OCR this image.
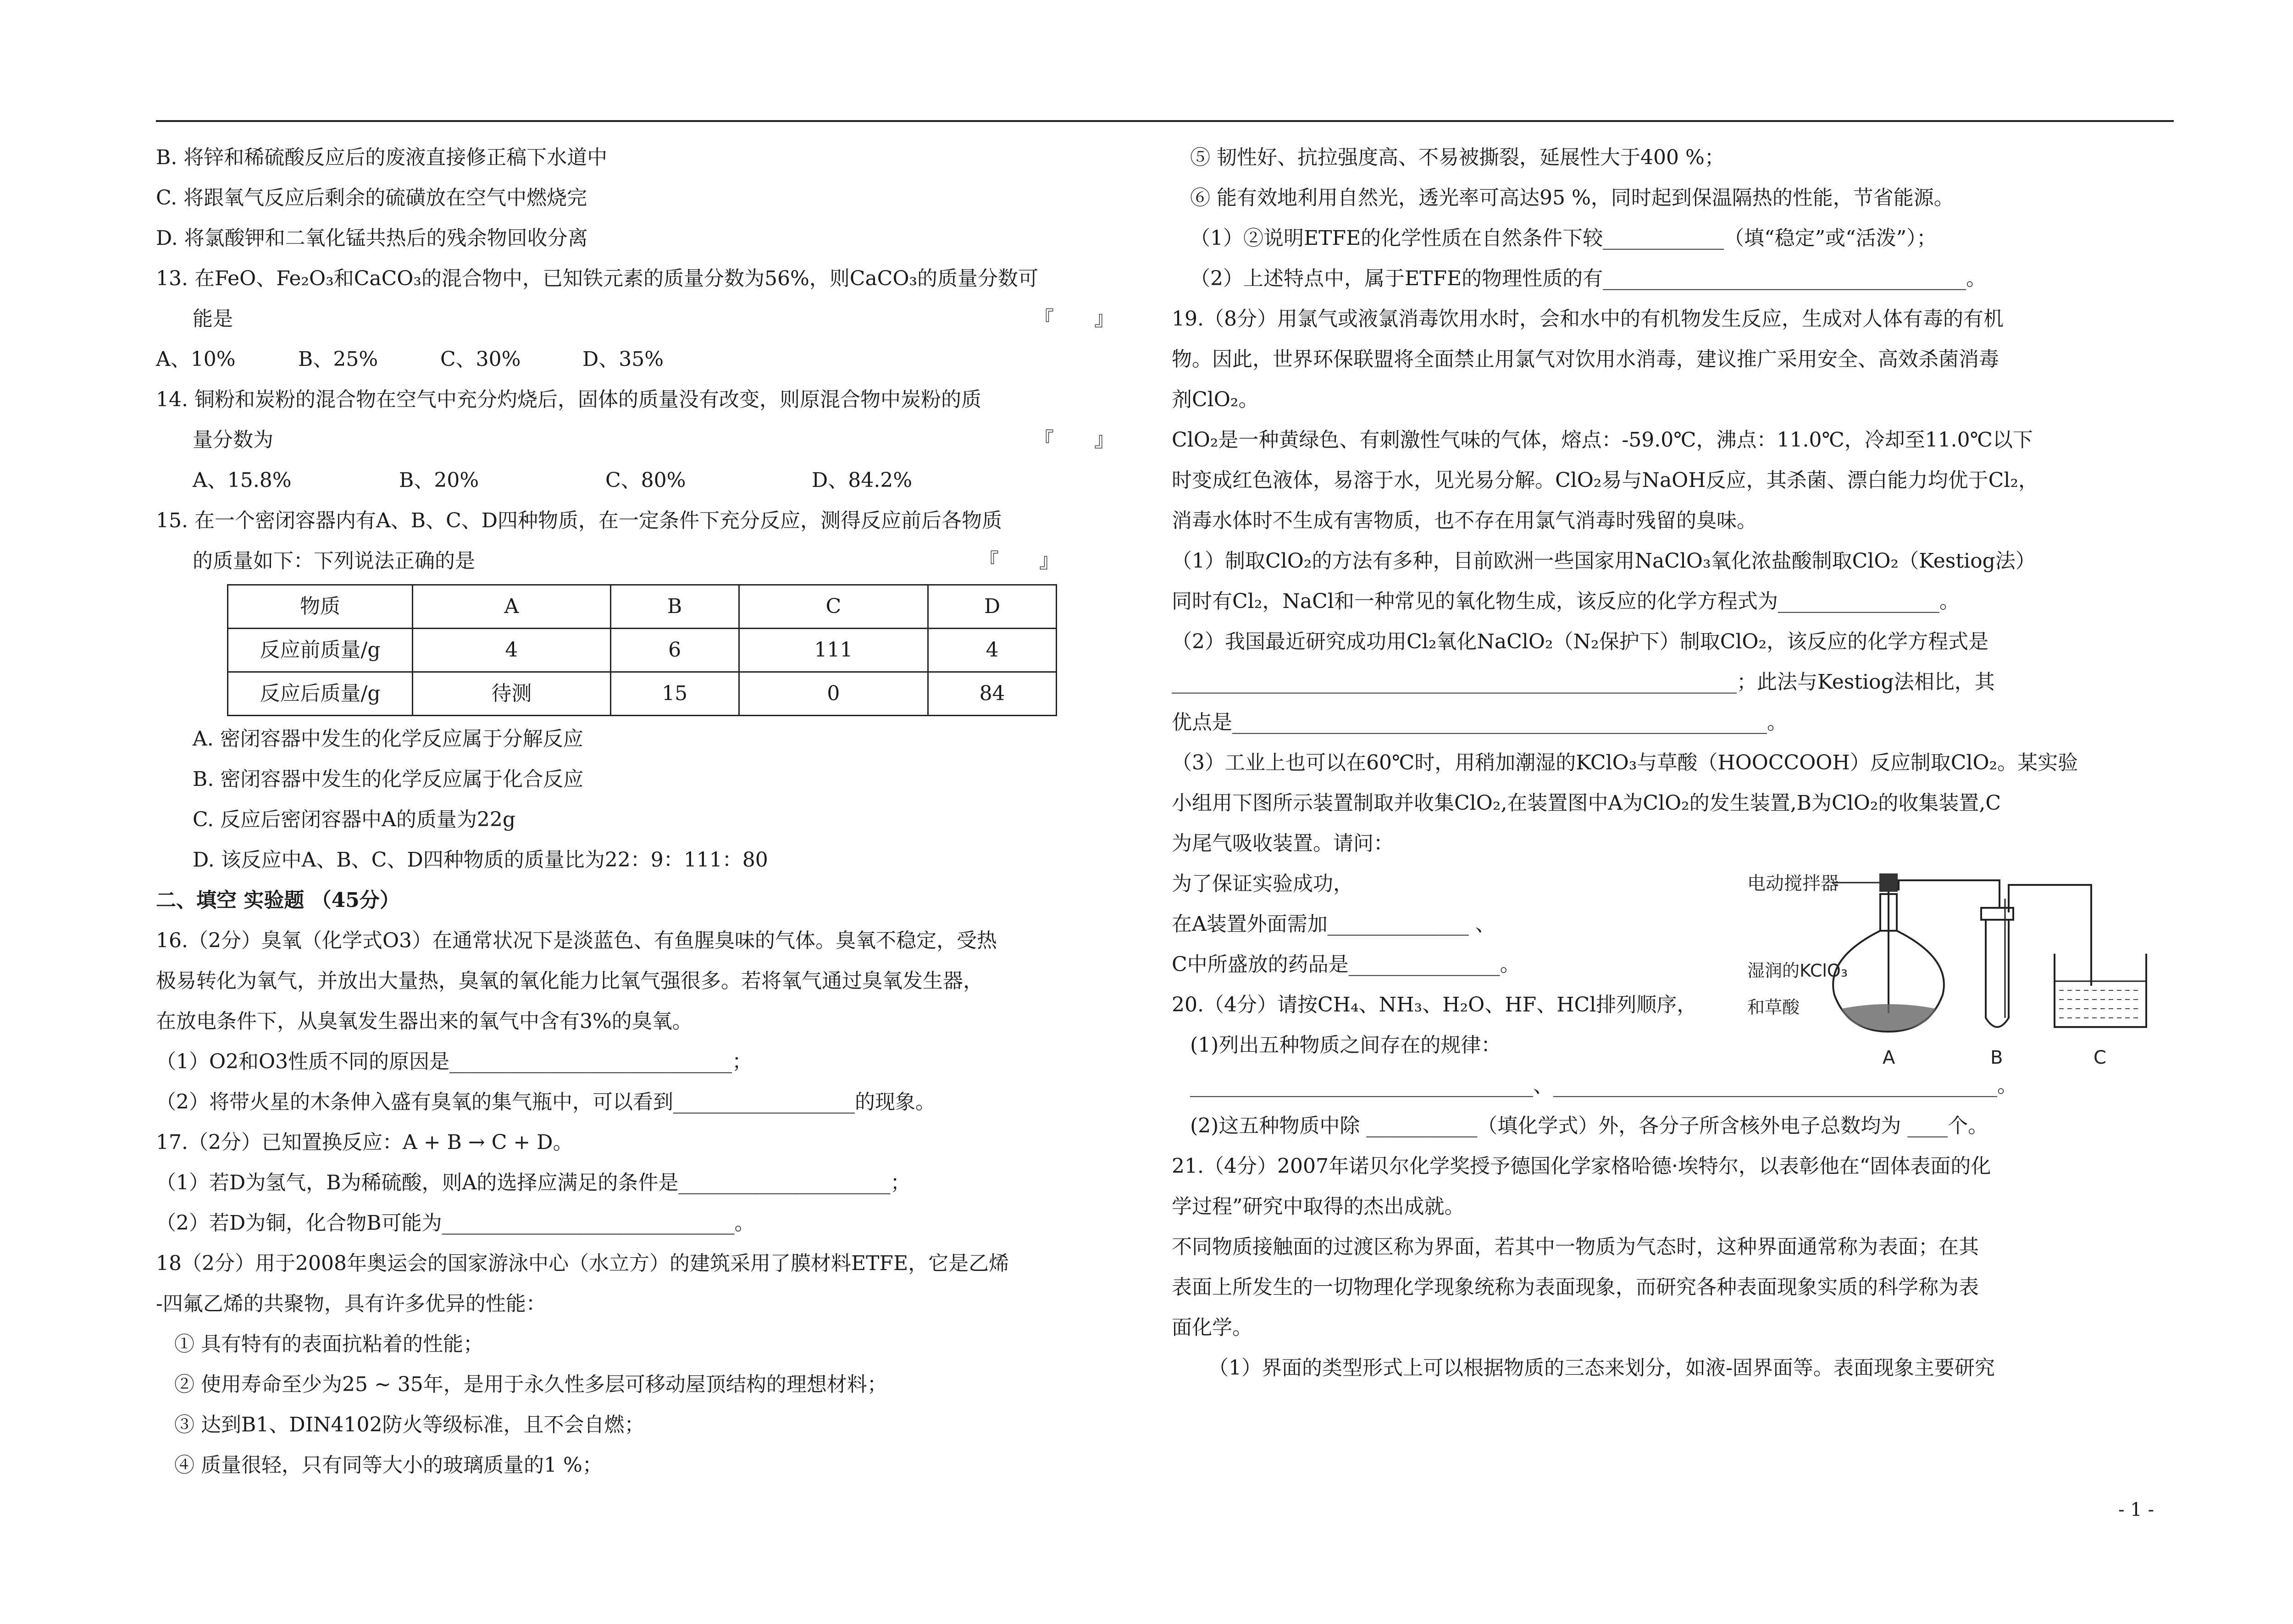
B. 将锌和稀硫酸反应后的废液直接修正稿下水道中
C. 将跟氧气反应后剩余的硫磺放在空气中燃烧完
D. 将氯酸钾和二氧化锰共热后的残余物回收分离
13. 在FeO、Fe₂O₃和CaCO₃的混合物中，已知铁元素的质量分数为56%，则CaCO₃的质量分数可
能是	『　　』
A、10%	B、25%	C、30%	D、35%
14. 铜粉和炭粉的混合物在空气中充分灼烧后，固体的质量没有改变，则原混合物中炭粉的质
量分数为	『　　』
A、15.8%	B、20%	C、80%	D、84.2%
15. 在一个密闭容器内有A、B、C、D四种物质，在一定条件下充分反应，测得反应前后各物质
的质量如下：下列说法正确的是	『　　』
物质	A	B	C	D
反应前质量/g	4	6	111	4
反应后质量/g	待测	15	0	84
A. 密闭容器中发生的化学反应属于分解反应
B. 密闭容器中发生的化学反应属于化合反应
C. 反应后密闭容器中A的质量为22g
D. 该反应中A、B、C、D四种物质的质量比为22：9：111：80
二、填空 实验题 （45分）
16.（2分）臭氧（化学式O3）在通常状况下是淡蓝色、有鱼腥臭味的气体。臭氧不稳定，受热
极易转化为氧气，并放出大量热，臭氧的氧化能力比氧气强很多。若将氧气通过臭氧发生器，
在放电条件下，从臭氧发生器出来的氧气中含有3%的臭氧。
（1）O2和O3性质不同的原因是____________________________；
（2）将带火星的木条伸入盛有臭氧的集气瓶中，可以看到__________________的现象。
17.（2分）已知置换反应：A + B → C + D。
（1）若D为氢气，B为稀硫酸，则A的选择应满足的条件是_____________________；
（2）若D为铜，化合物B可能为_____________________________。
18（2分）用于2008年奥运会的国家游泳中心（水立方）的建筑采用了膜材料ETFE，它是乙烯
-四氟乙烯的共聚物，具有许多优异的性能：
① 具有特有的表面抗粘着的性能；
② 使用寿命至少为25 ~ 35年，是用于永久性多层可移动屋顶结构的理想材料；
③ 达到B1、DIN4102防火等级标准，且不会自燃；
④ 质量很轻，只有同等大小的玻璃质量的1 %；
⑤ 韧性好、抗拉强度高、不易被撕裂，延展性大于400 %；
⑥ 能有效地利用自然光，透光率可高达95 %，同时起到保温隔热的性能，节省能源。
（1）②说明ETFE的化学性质在自然条件下较____________（填“稳定”或“活泼”）；
（2）上述特点中，属于ETFE的物理性质的有____________________________________。
19.（8分）用氯气或液氯消毒饮用水时，会和水中的有机物发生反应，生成对人体有毒的有机
物。因此，世界环保联盟将全面禁止用氯气对饮用水消毒，建议推广采用安全、高效杀菌消毒
剂ClO₂。
ClO₂是一种黄绿色、有刺激性气味的气体，熔点：-59.0℃，沸点：11.0℃，冷却至11.0℃以下
时变成红色液体，易溶于水，见光易分解。ClO₂易与NaOH反应，其杀菌、漂白能力均优于Cl₂，
消毒水体时不生成有害物质，也不存在用氯气消毒时残留的臭味。
（1）制取ClO₂的方法有多种，目前欧洲一些国家用NaClO₃氧化浓盐酸制取ClO₂（Kestiog法）
同时有Cl₂，NaCl和一种常见的氧化物生成，该反应的化学方程式为________________。
（2）我国最近研究成功用Cl₂氧化NaClO₂（N₂保护下）制取ClO₂，该反应的化学方程式是
________________________________________________________；此法与Kestiog法相比，其
优点是_____________________________________________________。
（3）工业上也可以在60℃时，用稍加潮湿的KClO₃与草酸（HOOCCOOH）反应制取ClO₂。某实验
小组用下图所示装置制取并收集ClO₂,在装置图中A为ClO₂的发生装置,B为ClO₂的收集装置,C
为尾气吸收装置。请问：
为了保证实验成功，
在A装置外面需加______________ 、
C中所盛放的药品是_______________。
20.（4分）请按CH₄、NH₃、H₂O、HF、HCl排列顺序，
(1)列出五种物质之间存在的规律：
__________________________________、____________________________________________。
(2)这五种物质中除 ___________（填化学式）外，各分子所含核外电子总数均为 ____个。
21.（4分）2007年诺贝尔化学奖授予德国化学家格哈德·埃特尔，以表彰他在“固体表面的化
学过程”研究中取得的杰出成就。
不同物质接触面的过渡区称为界面，若其中一物质为气态时，这种界面通常称为表面；在其
表面上所发生的一切物理化学现象统称为表面现象，而研究各种表面现象实质的科学称为表
面化学。
（1）界面的类型形式上可以根据物质的三态来划分，如液-固界面等。表面现象主要研究
电动搅拌器
湿润的KClO₃
和草酸
A	B	C
- 1 -
